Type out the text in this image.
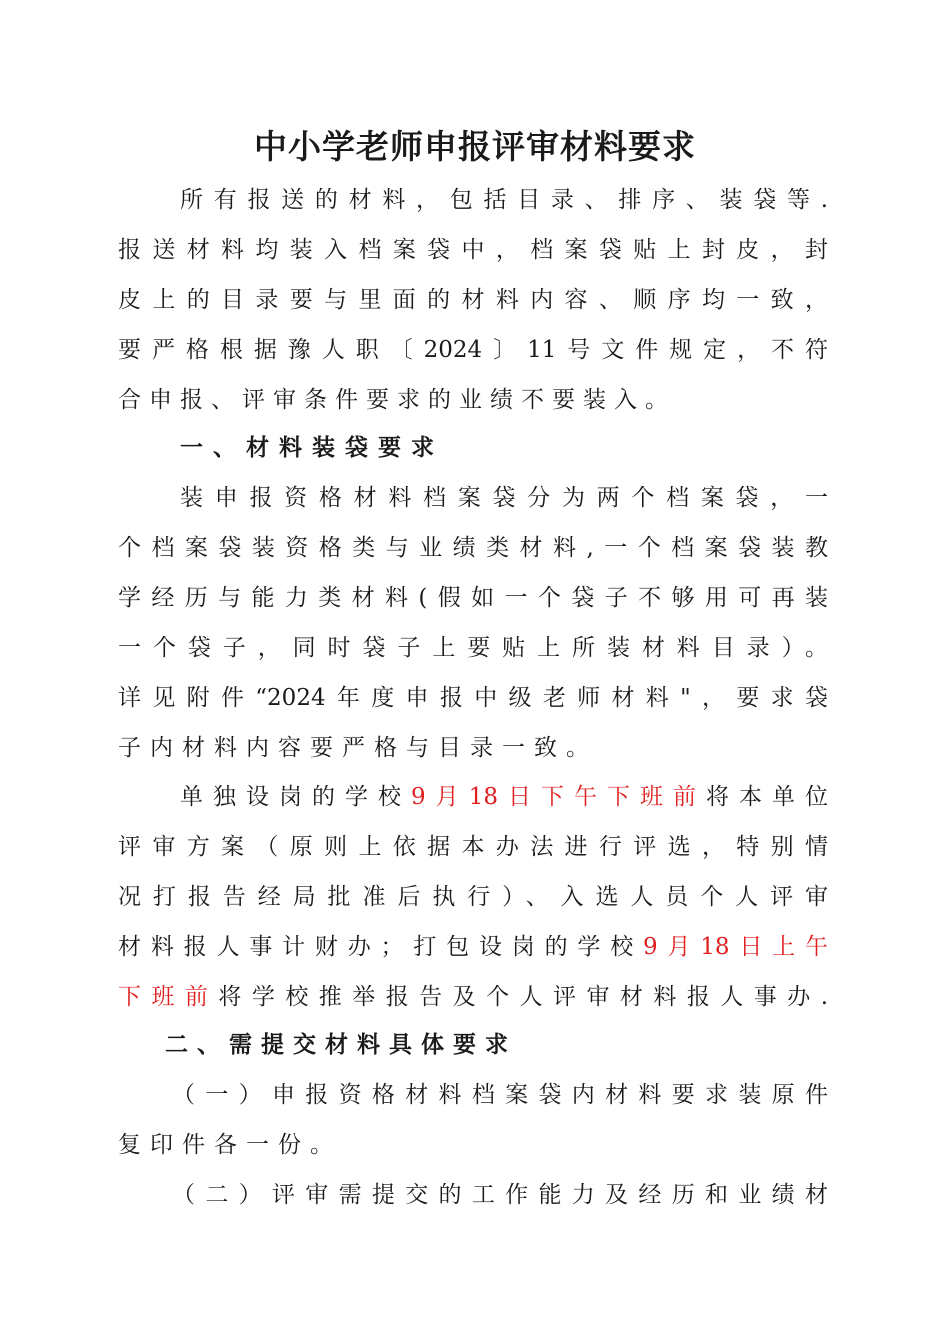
中小学老师申报评审材料要求
所有报送的材料，包括目录、排序、装袋等.
报送材料均装入档案袋中，档案袋贴上封皮，封
皮上的目录要与里面的材料内容、顺序均一致，
要严格根据豫人职〔2024〕11号文件规定，不符
合申报、评审条件要求的业绩不要装入。
一、材料装袋要求
装申报资格材料档案袋分为两个档案袋，一
个档案袋装资格类与业绩类材料,一个档案袋装教
学经历与能力类材料(假如一个袋子不够用可再装
一个袋子，同时袋子上要贴上所装材料目录）。
详见附件“2024年度申报中级老师材料"，要求袋
子内材料内容要严格与目录一致。
单独设岗的学校9月18日下午下班前将本单位
评审方案（原则上依据本办法进行评选，特别情
况打报告经局批准后执行）、入选人员个人评审
材料报人事计财办；打包设岗的学校9月18日上午
下班前将学校推举报告及个人评审材料报人事办.
二、需提交材料具体要求
（一）申报资格材料档案袋内材料要求装原件
复印件各一份。
（二）评审需提交的工作能力及经历和业绩材
